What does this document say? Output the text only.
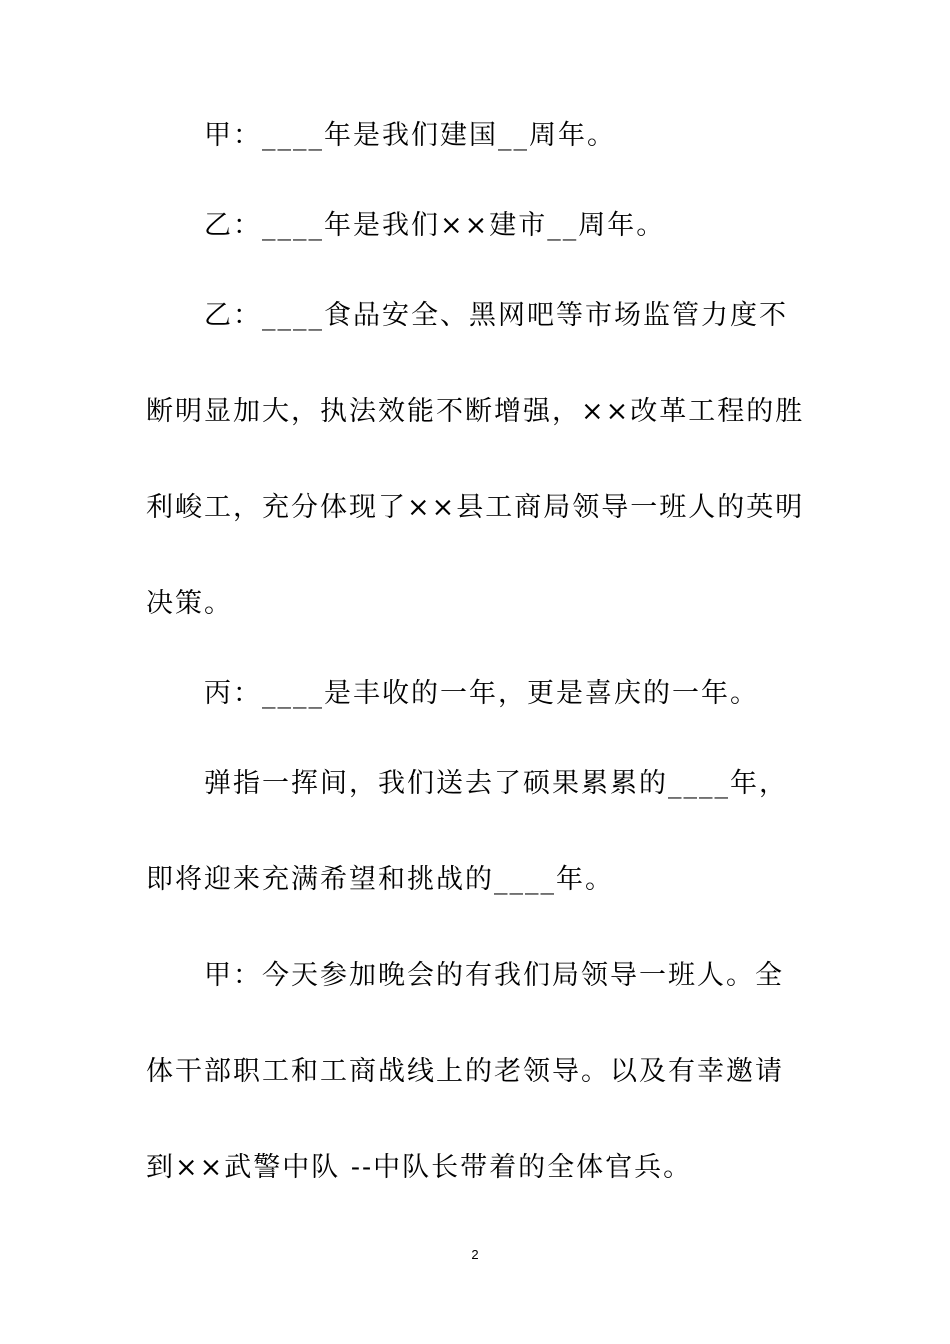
甲：____年是我们建国__周年。

乙：____年是我们××建市__周年。

乙：____食品安全、黑网吧等市场监管力度不断明显加大，执法效能不断增强，××改革工程的胜利峻工，充分体现了××县工商局领导一班人的英明决策。

丙：____是丰收的一年，更是喜庆的一年。

弹指一挥间，我们送去了硕果累累的____年，即将迎来充满希望和挑战的____年。

甲：今天参加晚会的有我们局领导一班人。全体干部职工和工商战线上的老领导。以及有幸邀请到××武警中队 --中队长带着的全体官兵。

2
